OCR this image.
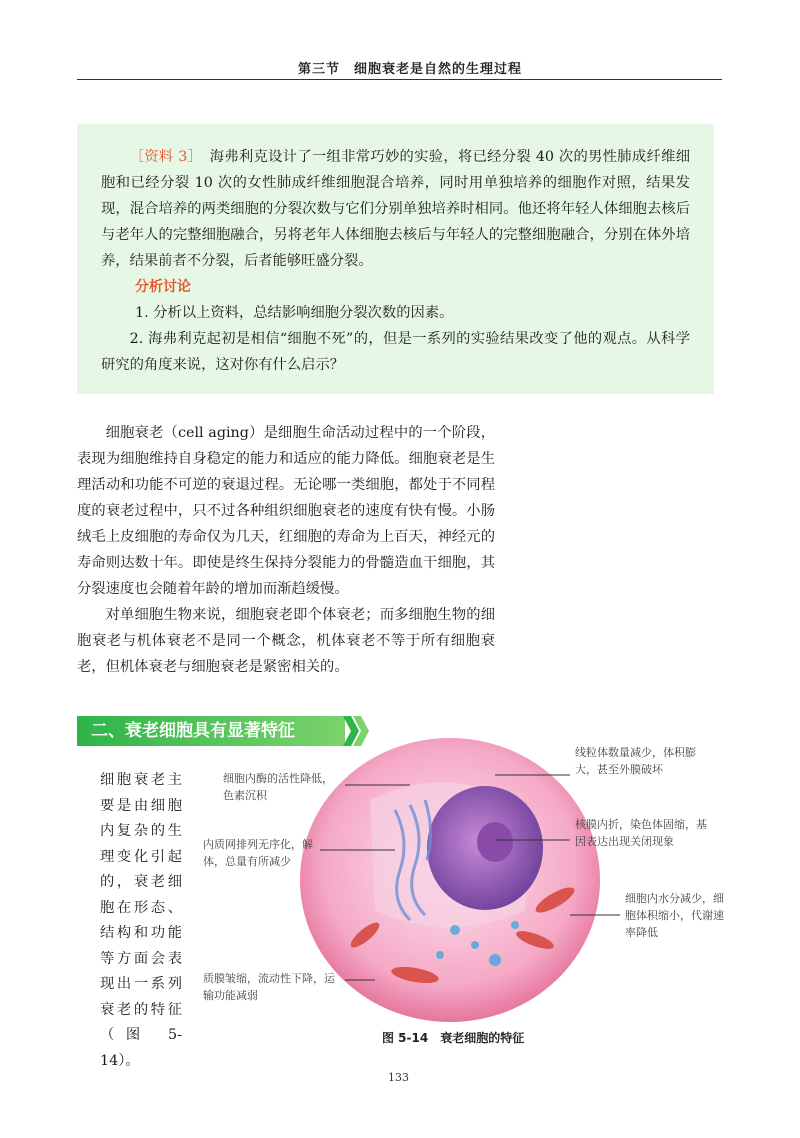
第三节　细胞衰老是自然的生理过程

［资料 3］　 海弗利克设计了一组非常巧妙的实验，将已经分裂 40 次的男性肺成纤维细胞和已经分裂 10 次的女性肺成纤维细胞混合培养，同时用单独培养的细胞作对照，结果发现，混合培养的两类细胞的分裂次数与它们分别单独培养时相同。他还将年轻人体细胞去核后与老年人的完整细胞融合，另将老年人体细胞去核后与年轻人的完整细胞融合，分别在体外培养，结果前者不分裂，后者能够旺盛分裂。

分析讨论

1. 分析以上资料，总结影响细胞分裂次数的因素。

2. 海弗利克起初是相信“细胞不死”的，但是一系列的实验结果改变了他的观点。从科学研究的角度来说，这对你有什么启示？

细胞衰老（cell aging）是细胞生命活动过程中的一个阶段，表现为细胞维持自身稳定的能力和适应的能力降低。细胞衰老是生理活动和功能不可逆的衰退过程。无论哪一类细胞，都处于不同程度的衰老过程中，只不过各种组织细胞衰老的速度有快有慢。小肠绒毛上皮细胞的寿命仅为几天，红细胞的寿命为上百天，神经元的寿命则达数十年。即使是终生保持分裂能力的骨髓造血干细胞，其分裂速度也会随着年龄的增加而渐趋缓慢。

对单细胞生物来说，细胞衰老即个体衰老；而多细胞生物的细胞衰老与机体衰老不是同一个概念，机体衰老不等于所有细胞衰老，但机体衰老与细胞衰老是紧密相关的。

二、衰老细胞具有显著特征

细胞衰老主要是由细胞内复杂的生理变化引起的，衰老细胞在形态、结构和功能等方面会表现出一系列衰老的特征（图 5-14）。

细胞内酶的活性降低，色素沉积
内质网排列无序化，解体，总量有所减少
质膜皱缩，流动性下降，运输功能减弱
线粒体数量减少，体积膨大，甚至外膜破坏
核膜内折，染色体固缩，基因表达出现关闭现象
细胞内水分减少，细胞体积缩小，代谢速率降低
图 5-14　衰老细胞的特征
133
